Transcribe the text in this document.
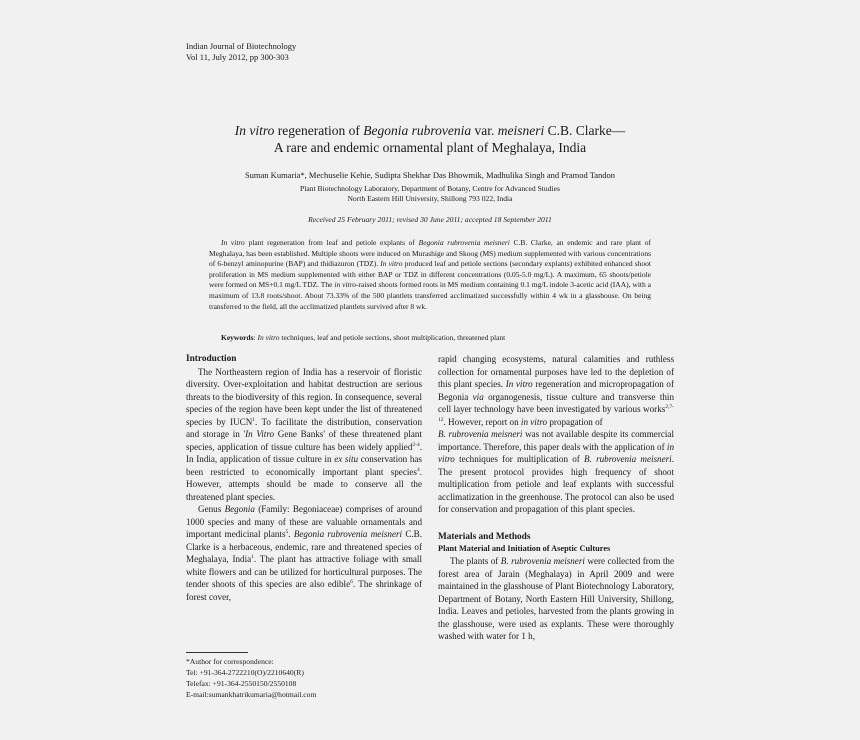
Indian Journal of Biotechnology
Vol 11, July 2012, pp 300-303
In vitro regeneration of Begonia rubrovenia var. meisneri C.B. Clarke—
A rare and endemic ornamental plant of Meghalaya, India
Suman Kumaria*, Mechuselie Kehie, Sudipta Shekhar Das Bhowmik, Madhulika Singh and Pramod Tandon
Plant Biotechnology Laboratory, Department of Botany, Centre for Advanced Studies
North Eastern Hill University, Shillong 793 022, India
Received 25 February 2011; revised 30 June 2011; accepted 18 September 2011

In vitro plant regeneration from leaf and petiole explants of Begonia rubrovenia meisneri C.B. Clarke, an endemic and rare plant of Meghalaya, has been established. Multiple shoots were induced on Murashige and Skoog (MS) medium supplemented with various concentrations of 6-benzyl aminopurine (BAP) and thidiazuron (TDZ). In vitro produced leaf and petiole sections (secondary explants) exhibited enhanced shoot proliferation in MS medium supplemented with either BAP or TDZ in different concentrations (0.05-5.0 mg/L). A maximum, 65 shoots/petiole were formed on MS+0.1 mg/L TDZ. The in vitro-raised shoots formed roots in MS medium containing 0.1 mg/L indole 3-acetic acid (IAA), with a maximum of 13.8 roots/shoot. About 73.33% of the 500 plantlets transferred acclimatized successfully within 4 wk in a glasshouse. On being transferred to the field, all the acclimatized plantlets survived after 8 wk.

Keywords: In vitro techniques, leaf and petiole sections, shoot multiplication, threatened plant

Introduction

The Northeastern region of India has a reservoir of floristic diversity. Over-exploitation and habitat destruction are serious threats to the biodiversity of this region. In consequence, several species of the region have been kept under the list of threatened species by IUCN$^1$. To facilitate the distribution, conservation and storage in 'In Vitro Gene Banks' of these threatened plant species, application of tissue culture has been widely applied$^{2-4}$. In India, application of tissue culture in ex situ conservation has been restricted to economically important plant species$^4$. However, attempts should be made to conserve all the threatened plant species.

Genus Begonia (Family: Begoniaceae) comprises of around 1000 species and many of these are valuable ornamentals and important medicinal plants$^5$. Begonia rubrovenia meisneri C.B. Clarke is a herbaceous, endemic, rare and threatened species of Meghalaya, India$^1$. The plant has attractive foliage with small white flowers and can be utilized for horticultural purposes. The tender shoots of this species are also edible$^6$. The shrinkage of forest cover,

*Author for correspondence:
Tel: +91-364-2722210(O)/2210640(R)
Telefax: +91-364-2550150/2550108
E-mail:sumankhatrikumaria@hotmail.com

rapid changing ecosystems, natural calamities and ruthless collection for ornamental purposes have led to the depletion of this plant species. In vitro regeneration and micropropagation of Begonia via organogenesis, tissue culture and transverse thin cell layer technology have been investigated by various works$^{2,7-12}$. However, report on in vitro propagation of

B. rubrovenia meisneri was not available despite its commercial importance. Therefore, this paper deals with the application of in vitro techniques for multiplication of B. rubrovenia meisneri. The present protocol provides high frequency of shoot multiplication from petiole and leaf explants with successful acclimatization in the greenhouse. The protocol can also be used for conservation and propagation of this plant species.

Materials and Methods

Plant Material and Initiation of Aseptic Cultures

The plants of B. rubrovenia meisneri were collected from the forest area of Jarain (Meghalaya) in April 2009 and were maintained in the glasshouse of Plant Biotechnology Laboratory, Department of Botany, North Eastern Hill University, Shillong, India. Leaves and petioles, harvested from the plants growing in the glasshouse, were used as explants. These were thoroughly washed with water for 1 h,
